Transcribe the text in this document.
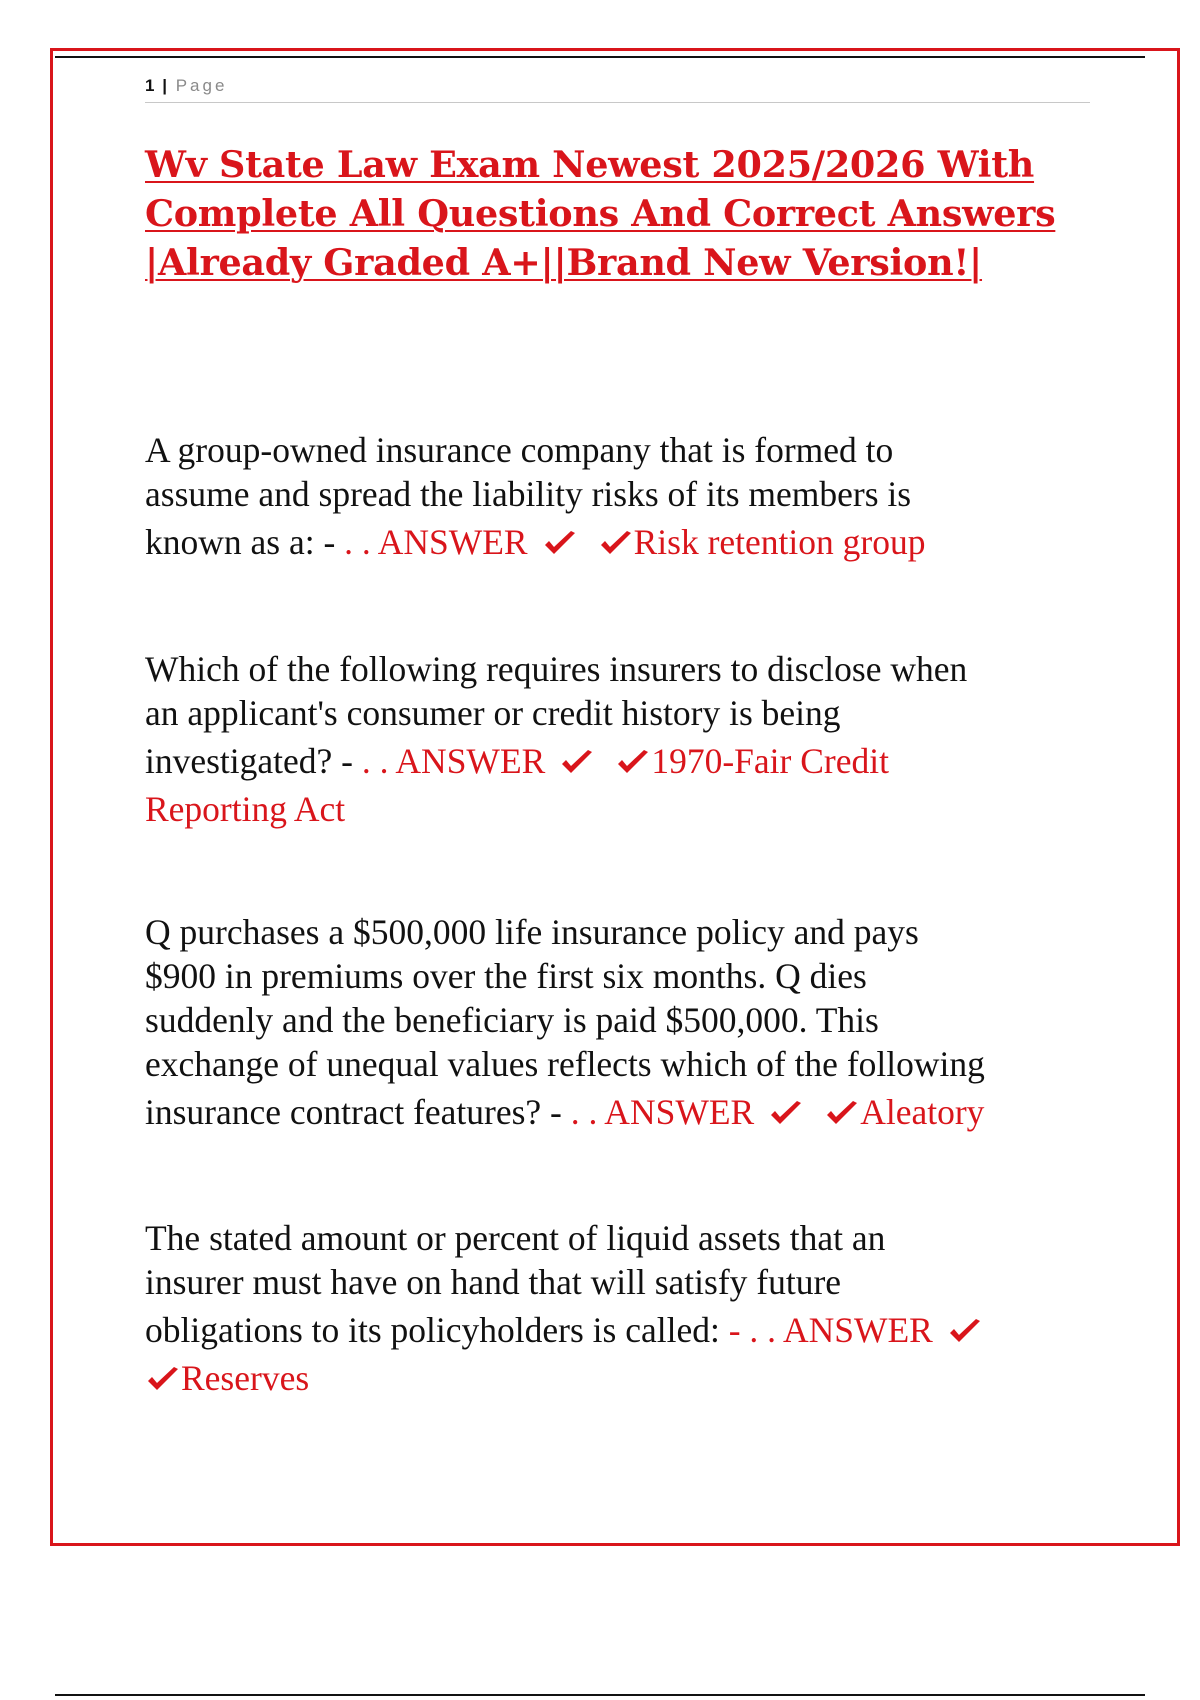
1 | Page
Wv State Law Exam Newest 2025/2026 With
Complete All Questions And Correct Answers
|Already Graded A+||Brand New Version!|

A group-owned insurance company that is formed to
assume and spread the liability risks of its members is
known as a: - . . ANSWER	Risk retention group

Which of the following requires insurers to disclose when
an applicant's consumer or credit history is being
investigated? - . . ANSWER	1970-Fair Credit
Reporting Act

Q purchases a $500,000 life insurance policy and pays
$900 in premiums over the first six months. Q dies
suddenly and the beneficiary is paid $500,000. This
exchange of unequal values reflects which of the following
insurance contract features? - . . ANSWER	Aleatory

The stated amount or percent of liquid assets that an
insurer must have on hand that will satisfy future
obligations to its policyholders is called: - . . ANSWER
Reserves
